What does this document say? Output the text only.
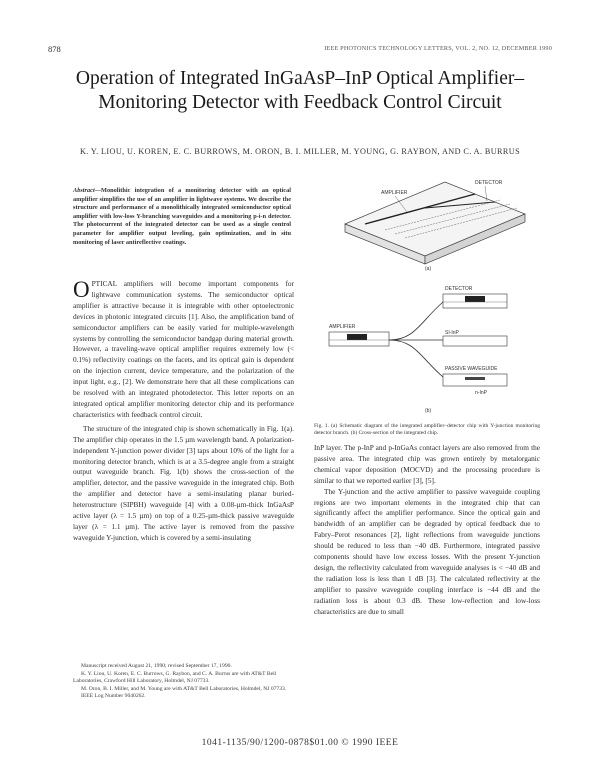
878	IEEE PHOTONICS TECHNOLOGY LETTERS, VOL. 2, NO. 12, DECEMBER 1990
Operation of Integrated InGaAsP–InP Optical Amplifier–Monitoring Detector with Feedback Control Circuit
K. Y. LIOU, U. KOREN, E. C. BURROWS, M. ORON, B. I. MILLER, M. YOUNG, G. RAYBON, AND C. A. BURRUS
Abstract—Monolithic integration of a monitoring detector with an optical amplifier simplifies the use of an amplifier in lightwave systems. We describe the structure and performance of a monolithically integrated semiconductor optical amplifier with low-loss Y-branching waveguides and a monitoring p-i-n detector. The photocurrent of the integrated detector can be used as a single control parameter for amplifier output leveling, gain optimization, and in situ monitoring of laser antireflective coatings.

OPTICAL amplifiers will become important components for lightwave communication systems. The semiconductor optical amplifier is attractive because it is integrable with other optoelectronic devices in photonic integrated circuits [1]. Also, the amplification band of semiconductor amplifiers can be easily varied for multiple-wavelength systems by controlling the semiconductor bandgap during material growth. However, a traveling-wave optical amplifier requires extremely low (< 0.1%) reflectivity coatings on the facets, and its optical gain is dependent on the injection current, device temperature, and the polarization of the input light, e.g., [2]. We demonstrate here that all these complications can be resolved with an integrated photodetector. This letter reports on an integrated optical amplifier monitoring detector chip and its performance characteristics with feedback control circuit.

The structure of the integrated chip is shown schematically in Fig. 1(a). The amplifier chip operates in the 1.5 µm wavelength band. A polarization-independent Y-junction power divider [3] taps about 10% of the light for a monitoring detector branch, which is at a 3.5-degree angle from a straight output waveguide branch. Fig. 1(b) shows the cross-section of the amplifier, detector, and the passive waveguide in the integrated chip. Both the amplifier and detector have a semi-insulating planar buried-heterostructure (SIPBH) waveguide [4] with a 0.08-µm-thick InGaAsP active layer (λ = 1.5 µm) on top of a 0.25-µm-thick passive waveguide layer (λ = 1.1 µm). The active layer is removed from the passive waveguide Y-junction, which is covered by a semi-insulating

Manuscript received August 21, 1990; revised September 17, 1990.

K. Y. Liou, U. Koren, E. C. Burrows, G. Raybon, and C. A. Burrus are with AT&T Bell Laboratories, Crawford Hill Laboratory, Holmdel, NJ 07733.

M. Oron, B. I. Miller, and M. Young are with AT&T Bell Laboratories, Holmdel, NJ 07733.

IEEE Log Number 9040262.

AMPLIFIER
DETECTOR
(a)
DETECTOR
AMPLIFIER
SI-InP
PASSIVE WAVEGUIDE
n-InP
(b)
Fig. 1. (a) Schematic diagram of the integrated amplifier–detector chip with Y-junction monitoring detector branch. (b) Cross-section of the integrated chip.

InP layer. The p-InP and p-InGaAs contact layers are also removed from the passive area. The integrated chip was grown entirely by metalorganic chemical vapor deposition (MOCVD) and the processing procedure is similar to that we reported earlier [3], [5].

The Y-junction and the active amplifier to passive waveguide coupling regions are two important elements in the integrated chip that can significantly affect the amplifier performance. Since the optical gain and bandwidth of an amplifier can be degraded by optical feedback due to Fabry–Perot resonances [2], light reflections from waveguide junctions should be reduced to less than −40 dB. Furthermore, integrated passive components should have low excess losses. With the present Y-junction design, the reflectivity calculated from waveguide analyses is < −40 dB and the radiation loss is less than 1 dB [3]. The calculated reflectivity at the amplifier to passive waveguide coupling interface is −44 dB and the radiation loss is about 0.3 dB. These low-reflection and low-loss characteristics are due to small

1041-1135/90/1200-0878$01.00 © 1990 IEEE
